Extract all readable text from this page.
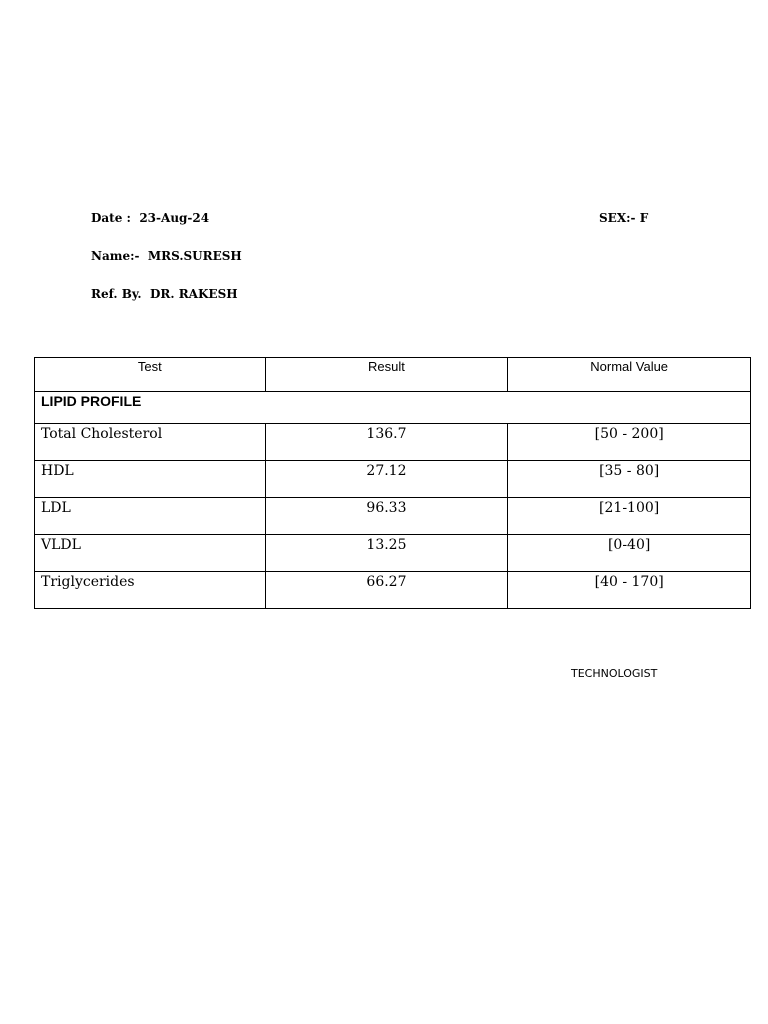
Date :  23-Aug-24	SEX:- F
Name:-  MRS.SURESH
Ref. By.  DR. RAKESH
Test	Result	Normal Value
LIPID PROFILE		
Total Cholesterol	136.7	[50 - 200]
HDL	27.12	[35 - 80]
LDL	96.33	[21-100]
VLDL	13.25	[0-40]
Triglycerides	66.27	[40 - 170]
TECHNOLOGIST
